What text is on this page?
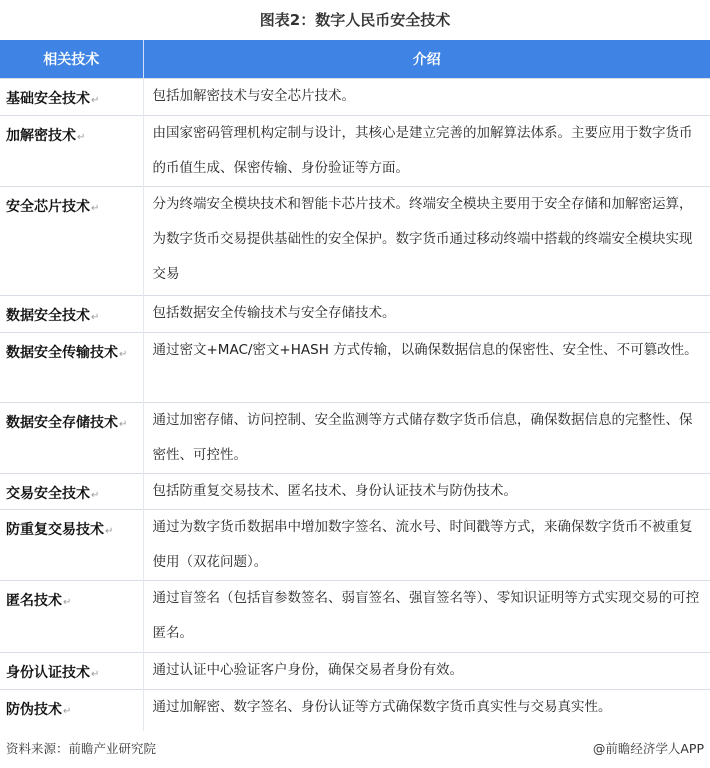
图表2：数字人民币安全技术
相关技术	介绍
基础安全技术↵	包括加解密技术与安全芯片技术。

加解密技术↵	由国家密码管理机构定制与设计，其核心是建立完善的加解算法体系。主要应用于数字货币的币值生成、保密传输、身份验证等方面。

安全芯片技术↵	分为终端安全模块技术和智能卡芯片技术。终端安全模块主要用于安全存储和加解密运算，为数字货币交易提供基础性的安全保护。数字货币通过移动终端中搭载的终端安全模块实现交易

数据安全技术↵	包括数据安全传输技术与安全存储技术。

数据安全传输技术↵	通过密文+MAC/密文+HASH 方式传输，以确保数据信息的保密性、安全性、不可篡改性。

数据安全存储技术↵	通过加密存储、访问控制、安全监测等方式储存数字货币信息，确保数据信息的完整性、保密性、可控性。

交易安全技术↵	包括防重复交易技术、匿名技术、身份认证技术与防伪技术。

防重复交易技术↵	通过为数字货币数据串中增加数字签名、流水号、时间戳等方式，来确保数字货币不被重复使用（双花问题）。

匿名技术↵	通过盲签名（包括盲参数签名、弱盲签名、强盲签名等）、零知识证明等方式实现交易的可控匿名。

身份认证技术↵	通过认证中心验证客户身份，确保交易者身份有效。

防伪技术↵	通过加解密、数字签名、身份认证等方式确保数字货币真实性与交易真实性。
资料来源：前瞻产业研究院	@前瞻经济学人APP
